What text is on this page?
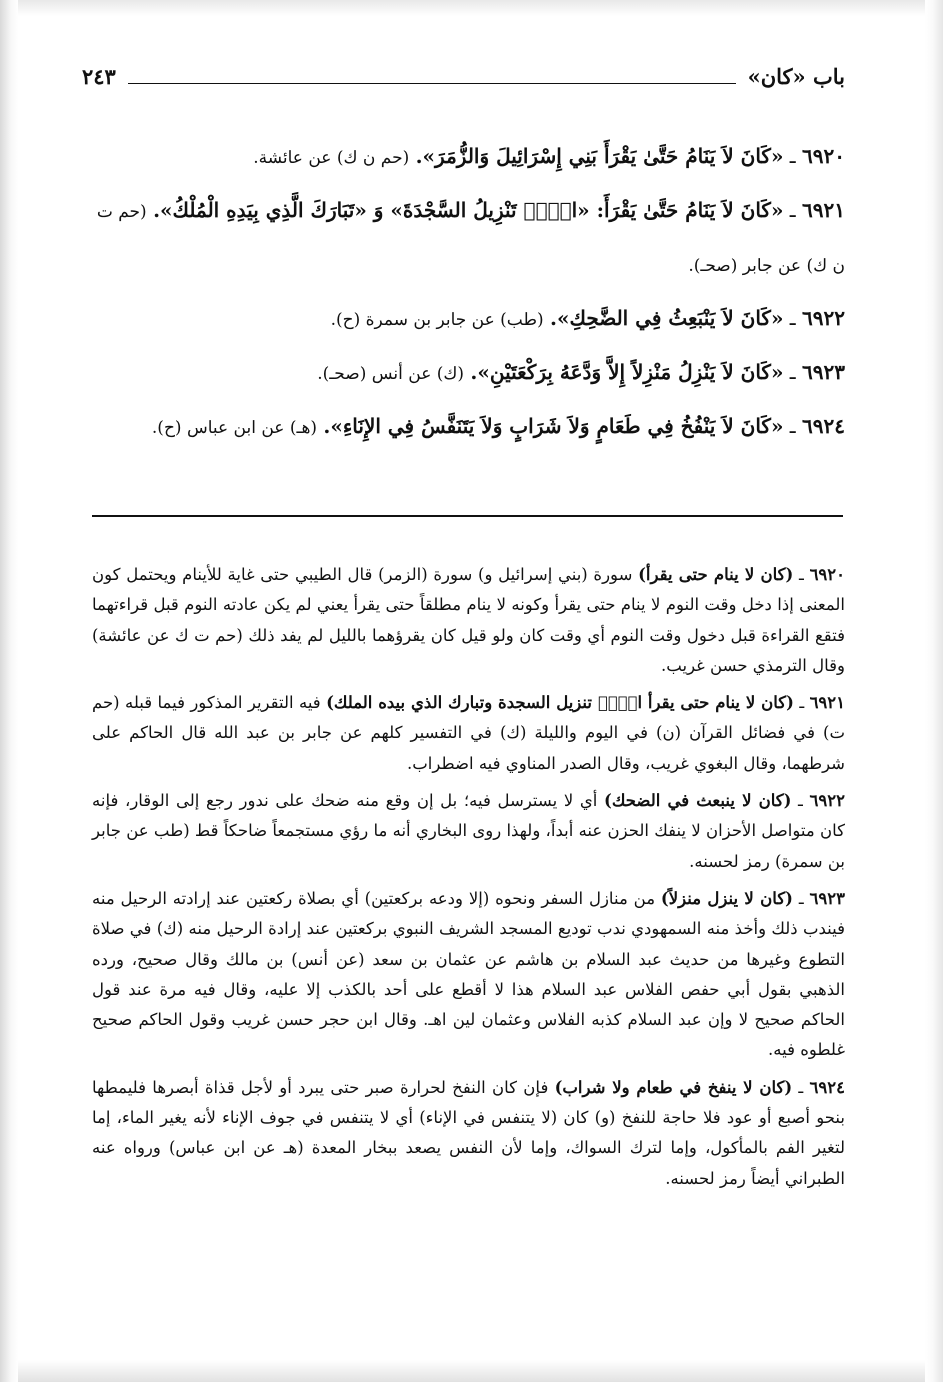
باب «كان»
٢٤٣
٦٩٢٠ ـ «كَانَ لاَ يَنَامُ حَتَّىٰ يَقْرَأَ بَنِي إِسْرَائِيلَ وَالزُّمَرَ». (حم ن ك) عن عائشة.
٦٩٢١ ـ «كَانَ لاَ يَنَامُ حَتَّىٰ يَقْرَأَ: «الۤمۤ تَنْزِيلُ السَّجْدَةَ» وَ «تَبَارَكَ الَّذِي بِيَدِهِ الْمُلْكُ». (حم ت ن ك) عن جابر (صحـ).
٦٩٢٢ ـ «كَانَ لاَ يَنْبَعِثُ فِي الضَّحِكِ». (طب) عن جابر بن سمرة (ح).
٦٩٢٣ ـ «كَانَ لاَ يَنْزِلُ مَنْزِلاً إِلاَّ وَدَّعَهُ بِرَكْعَتَيْنِ». (ك) عن أنس (صحـ).
٦٩٢٤ ـ «كَانَ لاَ يَنْفُخُ فِي طَعَامٍ وَلاَ شَرَابٍ وَلاَ يَتَنَفَّسُ فِي الإِنَاءِ». (هـ) عن ابن عباس (ح).

٦٩٢٠ ـ (كان لا ينام حتى يقرأ) سورة (بني إسرائيل و) سورة (الزمر) قال الطيبي حتى غاية للأينام ويحتمل كون المعنى إذا دخل وقت النوم لا ينام حتى يقرأ وكونه لا ينام مطلقاً حتى يقرأ يعني لم يكن عادته النوم قبل قراءتهما فتقع القراءة قبل دخول وقت النوم أي وقت كان ولو قيل كان يقرؤهما بالليل لم يفد ذلك (حم ت ك عن عائشة) وقال الترمذي حسن غريب.

٦٩٢١ ـ (كان لا ينام حتى يقرأ الۤمۤ تنزيل السجدة وتبارك الذي بيده الملك) فيه التقرير المذكور فيما قبله (حم ت) في فضائل القرآن (ن) في اليوم والليلة (ك) في التفسير كلهم عن جابر بن عبد الله قال الحاكم على شرطهما، وقال البغوي غريب، وقال الصدر المناوي فيه اضطراب.

٦٩٢٢ ـ (كان لا ينبعث في الضحك) أي لا يسترسل فيه؛ بل إن وقع منه ضحك على ندور رجع إلى الوقار، فإنه كان متواصل الأحزان لا ينفك الحزن عنه أبداً، ولهذا روى البخاري أنه ما رؤي مستجمعاً ضاحكاً قط (طب عن جابر بن سمرة) رمز لحسنه.

٦٩٢٣ ـ (كان لا ينزل منزلاً) من منازل السفر ونحوه (إلا ودعه بركعتين) أي بصلاة ركعتين عند إرادته الرحيل منه فيندب ذلك وأخذ منه السمهودي ندب توديع المسجد الشريف النبوي بركعتين عند إرادة الرحيل منه (ك) في صلاة التطوع وغيرها من حديث عبد السلام بن هاشم عن عثمان بن سعد (عن أنس) بن مالك وقال صحيح، ورده الذهبي بقول أبي حفص الفلاس عبد السلام هذا لا أقطع على أحد بالكذب إلا عليه، وقال فيه مرة عند قول الحاكم صحيح لا وإن عبد السلام كذبه الفلاس وعثمان لين اهـ. وقال ابن حجر حسن غريب وقول الحاكم صحيح غلطوه فيه.

٦٩٢٤ ـ (كان لا ينفخ في طعام ولا شراب) فإن كان النفخ لحرارة صبر حتى يبرد أو لأجل قذاة أبصرها فليمطها بنحو أصبع أو عود فلا حاجة للنفخ (و) كان (لا يتنفس في الإناء) أي لا يتنفس في جوف الإناء لأنه يغير الماء، إما لتغير الفم بالمأكول، وإما لترك السواك، وإما لأن النفس يصعد ببخار المعدة (هـ عن ابن عباس) ورواه عنه الطبراني أيضاً رمز لحسنه.
